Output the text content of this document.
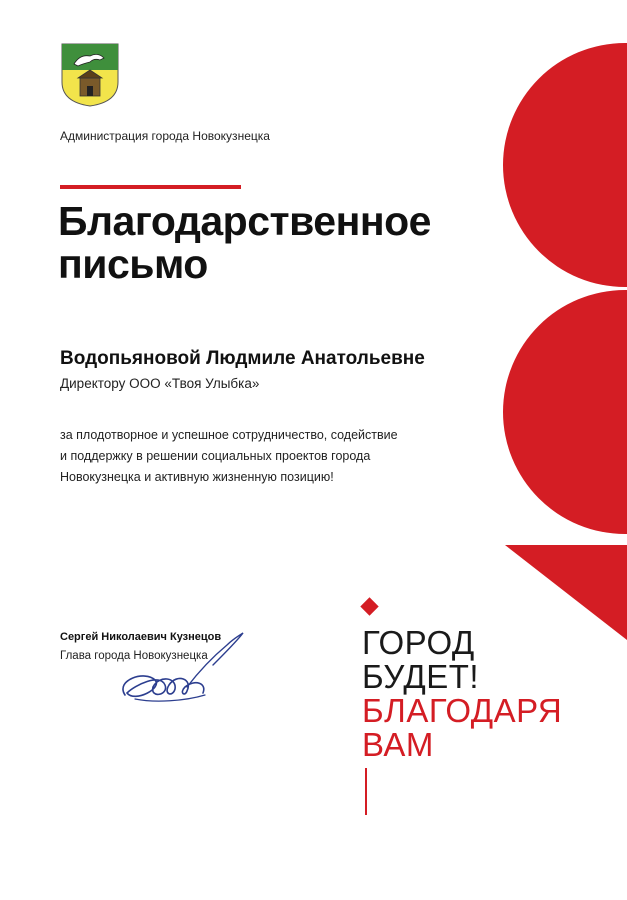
Администрация города Новокузнецка
Благодарственное
письмо
Водопьяновой Людмиле Анатольевне
Директору ООО «Твоя Улыбка»
за плодотворное и успешное сотрудничество, содействие
и поддержку в решении социальных проектов города
Новокузнецка и активную жизненную позицию!
Сергей Николаевич Кузнецов
Глава города Новокузнецка	ГОРОД
БУДЕТ!
БЛАГОДАРЯ
ВАМ
